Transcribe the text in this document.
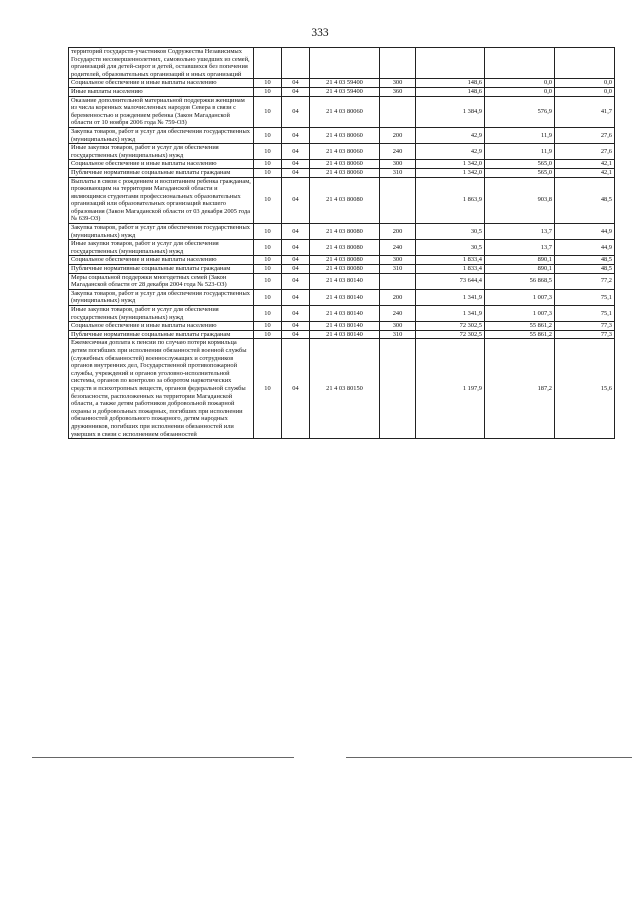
333
территорий государств-участников Содружества Независимых Государств несовершеннолетних, самовольно ушедших из семей, организаций для детей-сирот и детей, оставшихся без попечения родителей, образовательных организаций и иных организаций							
Социальное обеспечение и иные выплаты населению	10	04	21 4 03 59400	300	148,6	0,0	0,0
Иные выплаты населению	10	04	21 4 03 59400	360	148,6	0,0	0,0
Оказание дополнительной материальной поддержки женщинам из числа коренных малочисленных народов Севера в связи с беременностью и рождением ребенка (Закон Магаданской области от 10 ноября 2006 года № 759-ОЗ)	10	04	21 4 03 80060		1 384,9	576,9	41,7
Закупка товаров, работ и услуг для обеспечения государственных (муниципальных) нужд	10	04	21 4 03 80060	200	42,9	11,9	27,6
Иные закупки товаров, работ и услуг для обеспечения государственных (муниципальных) нужд	10	04	21 4 03 80060	240	42,9	11,9	27,6
Социальное обеспечение и иные выплаты населению	10	04	21 4 03 80060	300	1 342,0	565,0	42,1
Публичные нормативные социальные выплаты гражданам	10	04	21 4 03 80060	310	1 342,0	565,0	42,1
Выплаты в связи с рождением и воспитанием ребенка гражданам, проживающим на территории Магаданской области и являющимся студентами профессиональных образовательных организаций или образовательных организаций высшего образования (Закон Магаданской области от 03 декабря 2005 года № 639-ОЗ)	10	04	21 4 03 80080		1 863,9	903,8	48,5
Закупка товаров, работ и услуг для обеспечения государственных (муниципальных) нужд	10	04	21 4 03 80080	200	30,5	13,7	44,9
Иные закупки товаров, работ и услуг для обеспечения государственных (муниципальных) нужд	10	04	21 4 03 80080	240	30,5	13,7	44,9
Социальное обеспечение и иные выплаты населению	10	04	21 4 03 80080	300	1 833,4	890,1	48,5
Публичные нормативные социальные выплаты гражданам	10	04	21 4 03 80080	310	1 833,4	890,1	48,5
Меры социальной поддержки многодетных семей (Закон Магаданской области от 28 декабря 2004 года № 523-ОЗ)	10	04	21 4 03 80140		73 644,4	56 868,5	77,2
Закупка товаров, работ и услуг для обеспечения государственных (муниципальных) нужд	10	04	21 4 03 80140	200	1 341,9	1 007,3	75,1
Иные закупки товаров, работ и услуг для обеспечения государственных (муниципальных) нужд	10	04	21 4 03 80140	240	1 341,9	1 007,3	75,1
Социальное обеспечение и иные выплаты населению	10	04	21 4 03 80140	300	72 302,5	55 861,2	77,3
Публичные нормативные социальные выплаты гражданам	10	04	21 4 03 80140	310	72 302,5	55 861,2	77,3
Ежемесячная доплата к пенсии по случаю потери кормильца детям погибших при исполнении обязанностей военной службы (служебных обязанностей) военнослужащих и сотрудников органов внутренних дел, Государственной противопожарной службы, учреждений и органов уголовно-исполнительной системы, органов по контролю за оборотом наркотических средств и психотропных веществ, органов федеральной службы безопасности, расположенных на территории Магаданской области, а также детям работников добровольной пожарной охраны и добровольных пожарных, погибших при исполнении обязанностей добровольного пожарного, детям народных дружинников, погибших при исполнении обязанностей или умерших в связи с исполнением обязанностей	10	04	21 4 03 80150		1 197,9	187,2	15,6
